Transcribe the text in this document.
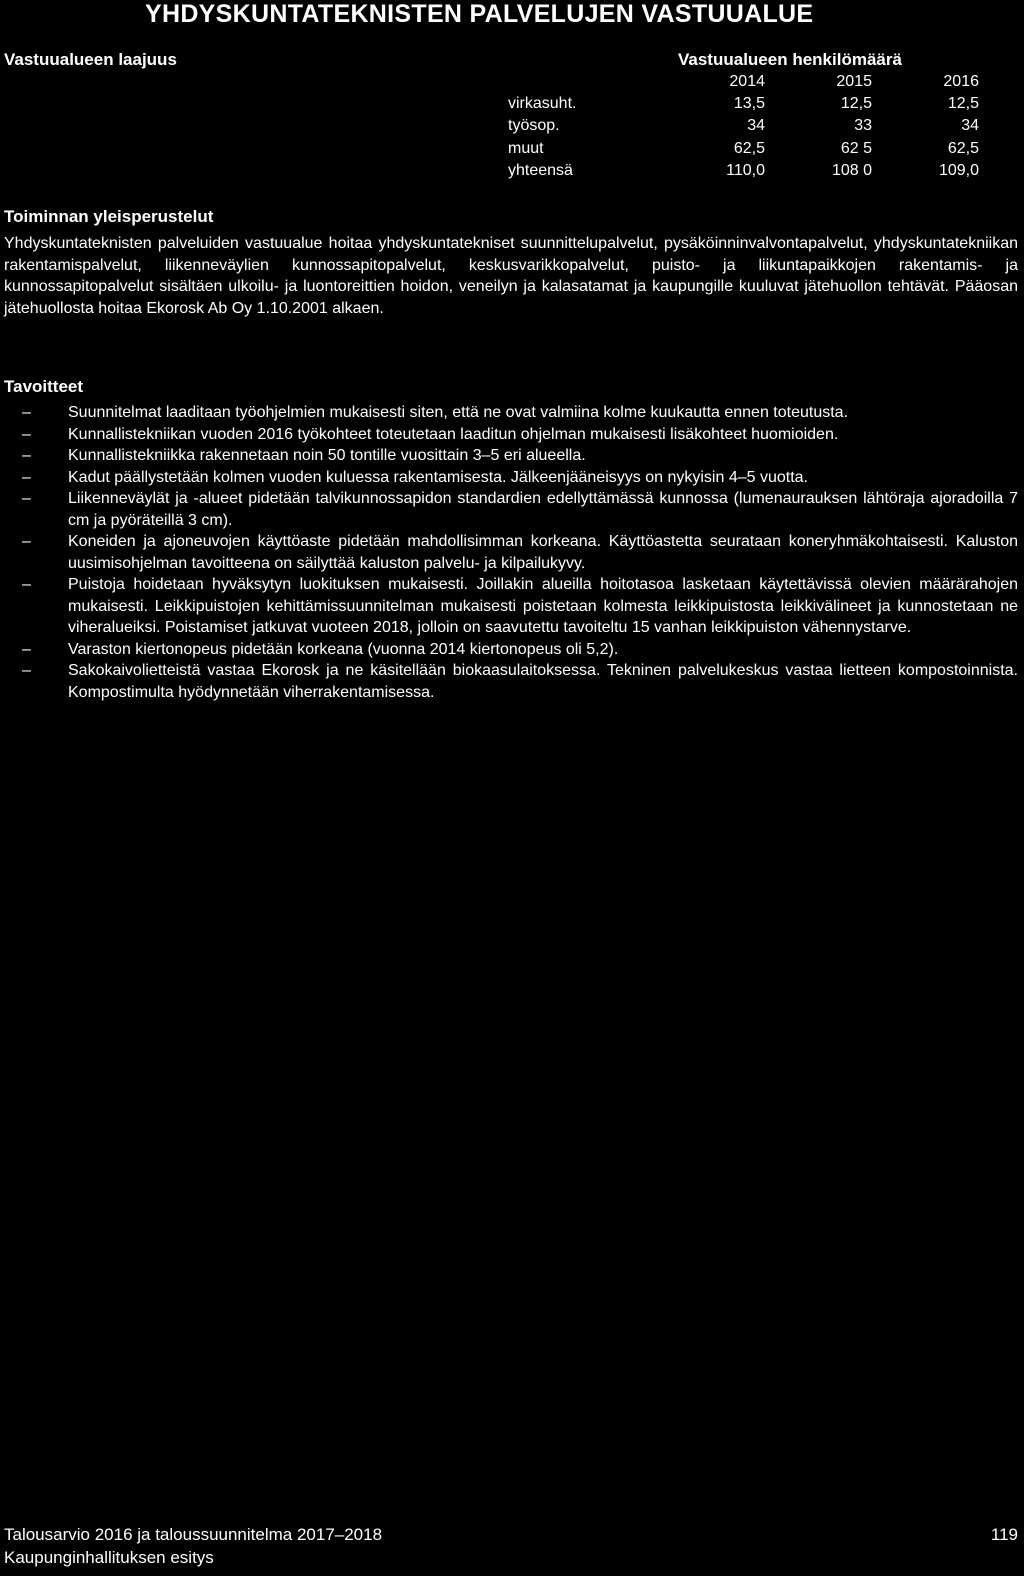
YHDYSKUNTATEKNISTEN PALVELUJEN VASTUUALUE
Vastuualueen laajuus	Vastuualueen henkilömäärä
2014	2015	2016
virkasuht.	13,5	12,5	12,5
työsop.	34	33	34
muut	62,5	62 5	62,5
yhteensä	110,0	108 0	109,0
Toiminnan yleisperustelut
Yhdyskuntateknisten palveluiden vastuualue hoitaa yhdyskuntatekniset suunnittelupalvelut, pysäköinninvalvontapalvelut, yhdyskuntatekniikan rakentamispalvelut, liikenneväylien kunnossapitopalvelut, keskusvarikkopalvelut, puisto- ja liikuntapaikkojen rakentamis- ja kunnossapitopalvelut sisältäen ulkoilu- ja luontoreittien hoidon, veneilyn ja kalasatamat ja kaupungille kuuluvat jätehuollon tehtävät. Pääosan jätehuollosta hoitaa Ekorosk Ab Oy 1.10.2001 alkaen.
Tavoitteet
– Suunnitelmat laaditaan työohjelmien mukaisesti siten, että ne ovat valmiina kolme kuukautta ennen toteutusta.
– Kunnallistekniikan vuoden 2016 työkohteet toteutetaan laaditun ohjelman mukaisesti lisäkohteet huomioiden.
– Kunnallistekniikka rakennetaan noin 50 tontille vuosittain 3–5 eri alueella.
– Kadut päällystetään kolmen vuoden kuluessa rakentamisesta. Jälkeenjääneisyys on nykyisin 4–5 vuotta.
– Liikenneväylät ja -alueet pidetään talvikunnossapidon standardien edellyttämässä kunnossa (lumenaurauksen lähtöraja ajoradoilla 7 cm ja pyöräteillä 3 cm).
– Koneiden ja ajoneuvojen käyttöaste pidetään mahdollisimman korkeana. Käyttöastetta seurataan koneryhmäkohtaisesti. Kaluston uusimisohjelman tavoitteena on säilyttää kaluston palvelu- ja kilpailukyvy.
– Puistoja hoidetaan hyväksytyn luokituksen mukaisesti. Joillakin alueilla hoitotasoa lasketaan käytettävissä olevien määrärahojen mukaisesti. Leikkipuistojen kehittämissuunnitelman mukaisesti poistetaan kolmesta leikkipuistosta leikkivälineet ja kunnostetaan ne viheralueiksi. Poistamiset jatkuvat vuoteen 2018, jolloin on saavutettu tavoiteltu 15 vanhan leikkipuiston vähennystarve.
– Varaston kiertonopeus pidetään korkeana (vuonna 2014 kiertonopeus oli 5,2).
– Sakokaivolietteistä vastaa Ekorosk ja ne käsitellään biokaasulaitoksessa. Tekninen palvelukeskus vastaa lietteen kompostoinnista. Kompostimulta hyödynnetään viherrakentamisessa.
Talousarvio 2016 ja taloussuunnitelma 2017–2018
Kaupunginhallituksen esitys
119
